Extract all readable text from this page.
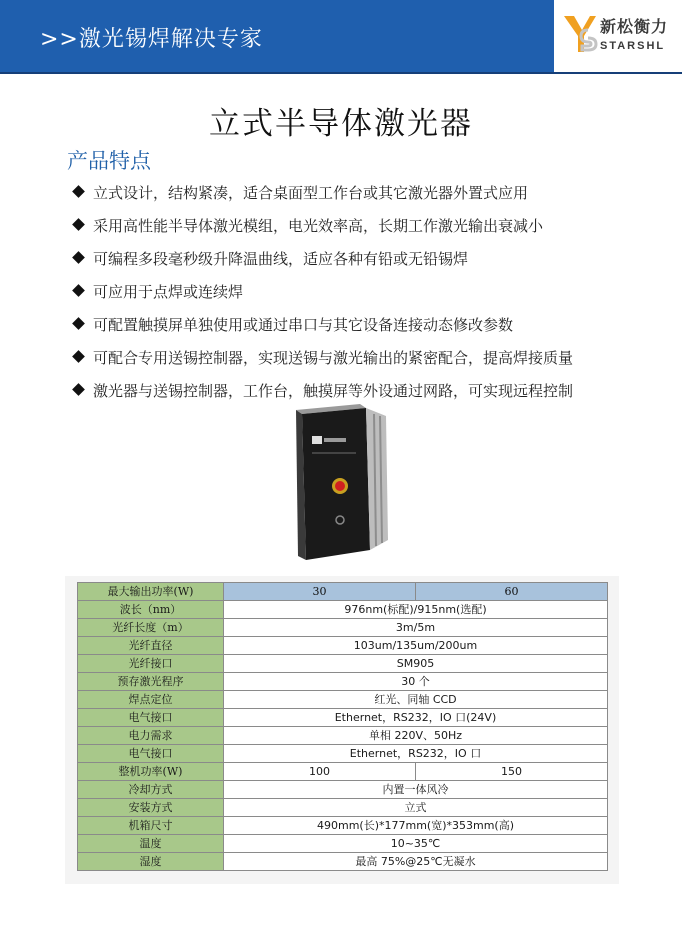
>>激光锡焊解决专家
新松衡力
STARSHL
立式半导体激光器
产品特点
立式设计，结构紧凑，适合桌面型工作台或其它激光器外置式应用
采用高性能半导体激光模组，电光效率高，长期工作激光输出衰减小
可编程多段毫秒级升降温曲线，适应各种有铅或无铅锡焊
可应用于点焊或连续焊
可配置触摸屏单独使用或通过串口与其它设备连接动态修改参数
可配合专用送锡控制器，实现送锡与激光输出的紧密配合，提高焊接质量
激光器与送锡控制器，工作台，触摸屏等外设通过网路，可实现远程控制
最大输出功率(W)	30	60
波长（nm）	976nm(标配)/915nm(选配)	
光纤长度（m）	3m/5m	
光纤直径	103um/135um/200um	
光纤接口	SM905	
预存激光程序	30 个	
焊点定位	红光、同轴 CCD	
电气接口	Ethernet，RS232，IO 口(24V)	
电力需求	单相 220V、50Hz	
电气接口	Ethernet，RS232，IO 口	
整机功率(W)	100	150
冷却方式	内置一体风冷	
安装方式	立式	
机箱尺寸	490mm(长)*177mm(宽)*353mm(高)	
温度	10~35℃	
湿度	最高 75%@25℃无凝水	
